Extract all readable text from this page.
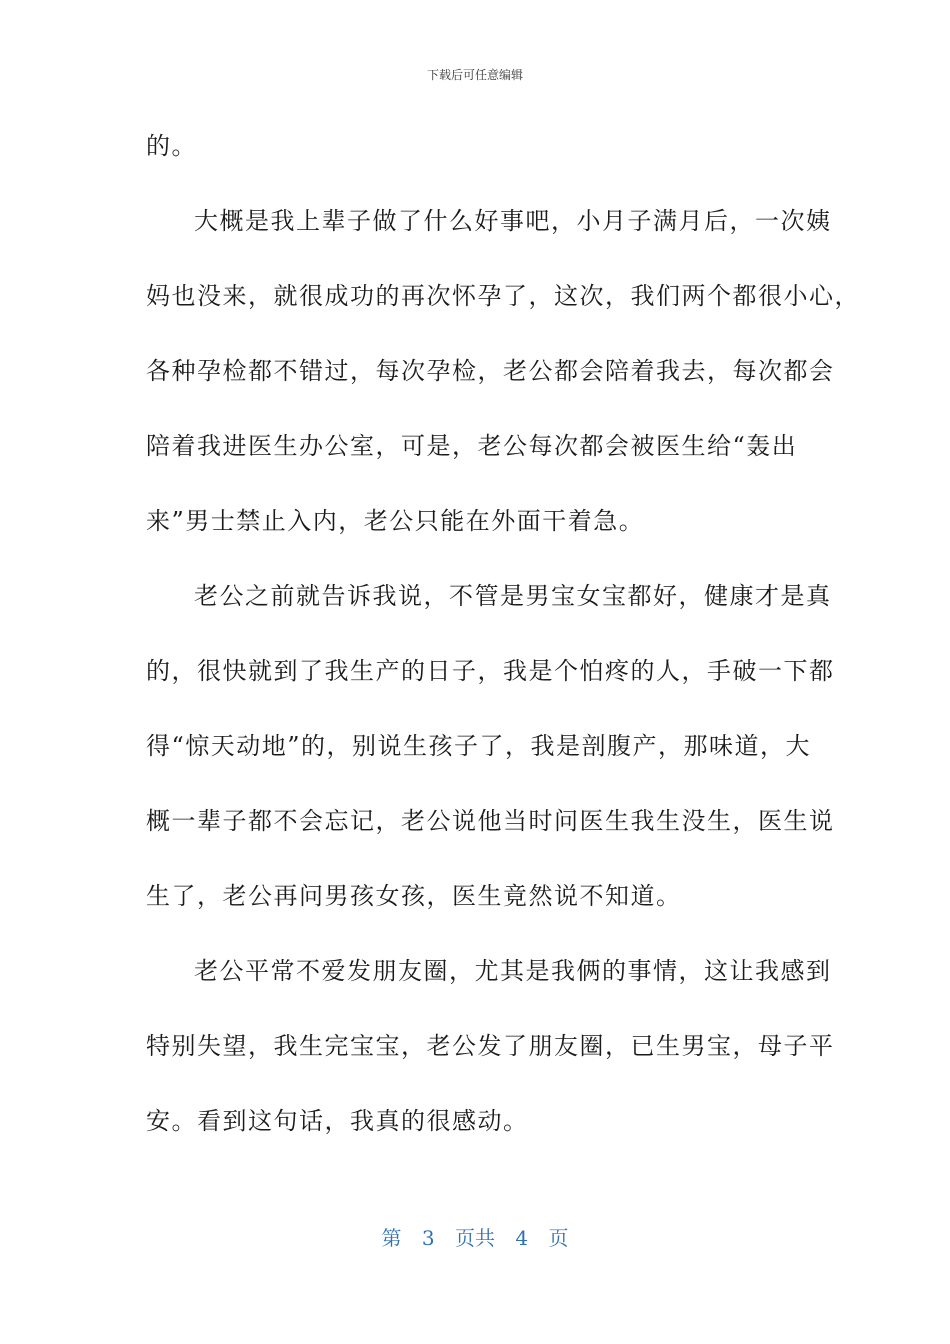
下载后可任意编辑
的。
大概是我上辈子做了什么好事吧，小月子满月后，一次姨
妈也没来，就很成功的再次怀孕了，这次，我们两个都很小心，
各种孕检都不错过，每次孕检，老公都会陪着我去，每次都会
陪着我进医生办公室，可是，老公每次都会被医生给“轰出
来”男士禁止入内，老公只能在外面干着急。
老公之前就告诉我说，不管是男宝女宝都好，健康才是真
的，很快就到了我生产的日子，我是个怕疼的人，手破一下都
得“惊天动地”的，别说生孩子了，我是剖腹产，那味道，大
概一辈子都不会忘记，老公说他当时问医生我生没生，医生说
生了，老公再问男孩女孩，医生竟然说不知道。
老公平常不爱发朋友圈，尤其是我俩的事情，这让我感到
特别失望，我生完宝宝，老公发了朋友圈，已生男宝，母子平
安。看到这句话，我真的很感动。
第 3 页共 4 页
